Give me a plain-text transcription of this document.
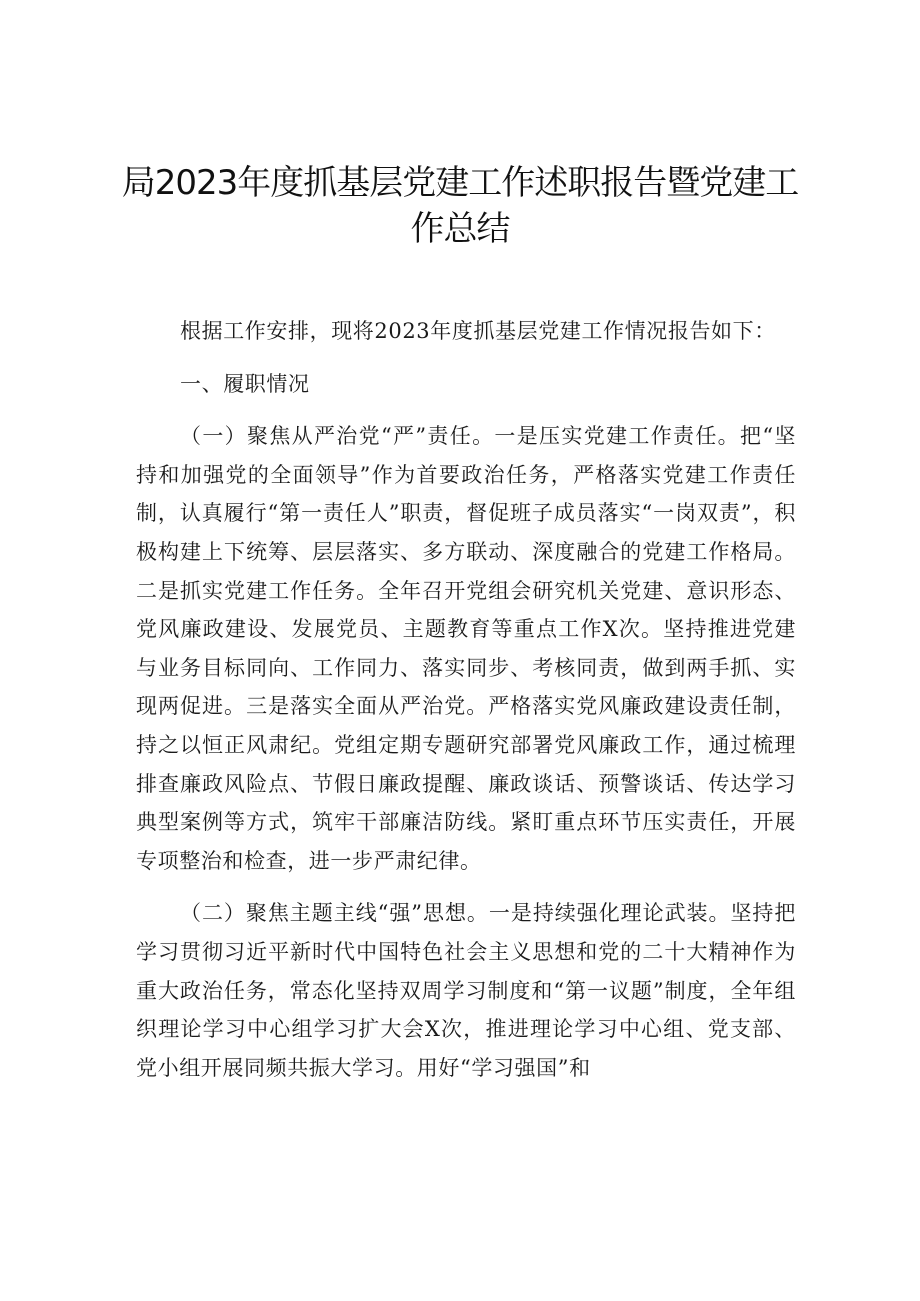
局2023年度抓基层党建工作述职报告暨党建工
作总结

根据工作安排，现将2023年度抓基层党建工作情况报告如下：

一、履职情况

（一）聚焦从严治党“严”责任。一是压实党建工作责任。把“坚持和加强党的全面领导”作为首要政治任务，严格落实党建工作责任制，认真履行“第一责任人”职责，督促班子成员落实“一岗双责”，积极构建上下统筹、层层落实、多方联动、深度融合的党建工作格局。二是抓实党建工作任务。全年召开党组会研究机关党建、意识形态、党风廉政建设、发展党员、主题教育等重点工作X次。坚持推进党建与业务目标同向、工作同力、落实同步、考核同责，做到两手抓、实现两促进。三是落实全面从严治党。严格落实党风廉政建设责任制，持之以恒正风肃纪。党组定期专题研究部署党风廉政工作，通过梳理排查廉政风险点、节假日廉政提醒、廉政谈话、预警谈话、传达学习典型案例等方式，筑牢干部廉洁防线。紧盯重点环节压实责任，开展专项整治和检查，进一步严肃纪律。

（二）聚焦主题主线“强”思想。一是持续强化理论武装。坚持把学习贯彻习近平新时代中国特色社会主义思想和党的二十大精神作为重大政治任务，常态化坚持双周学习制度和“第一议题”制度，全年组织理论学习中心组学习扩大会X次，推进理论学习中心组、党支部、党小组开展同频共振大学习。用好“学习强国”和
